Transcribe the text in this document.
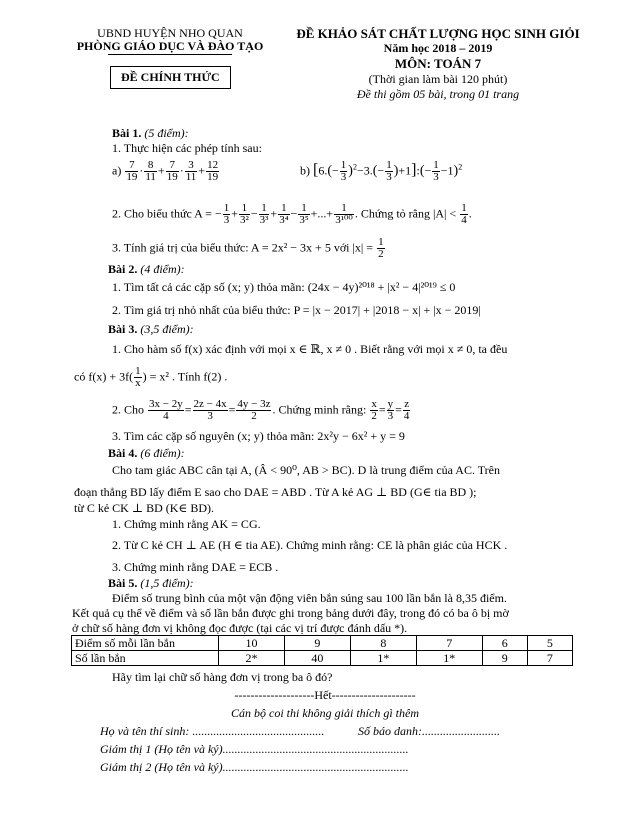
UBND HUYỆN NHO QUAN
PHÒNG GIÁO DỤC VÀ ĐÀO TẠO
ĐỀ CHÍNH THỨC
ĐỀ KHẢO SÁT CHẤT LƯỢNG HỌC SINH GIỎI
Năm học 2018 – 2019
MÔN: TOÁN 7
(Thời gian làm bài 120 phút)
Đề thi gồm 05 bài, trong 01 trang
Bài 1. (5 điểm):
1. Thực hiện các phép tính sau:
$a) \frac{7}{19} \cdot \frac{8}{11} + \frac{7}{19} \cdot \frac{3}{11} + \frac{12}{19}$	b) [$6.(- \frac{1}{3} )^2-3.(- \frac{1}{3}$ )+1]:(− $\frac{1}{3} -1)^2$
2. Cho biểu thức A = − $\frac{1}{3} + \frac{1}{\text{3²}} - \frac{1}{\text{3³}} + \frac{1}{\text{3⁴}} - \frac{1}{\text{3⁵}}$ +...+ $\frac{1}{\text{3¹⁰⁰}}$ . Chứng tỏ rằng $|A| < \frac{1}{4}$ .
3. Tính giá trị của biểu thức: A = 2x² − 3x + 5 với $|x| = \frac{1}{2}$
Bài 2. (4 điểm):
1. Tìm tất cả các cặp số (x; y) thỏa mãn: (24x − 4y)²⁰¹⁸ + |x² − 4|²⁰¹⁹ ≤ 0
2. Tìm giá trị nhỏ nhất của biểu thức: P = |x − 2017| + |2018 − x| + |x − 2019|
Bài 3. (3,5 điểm):
1. Cho hàm số f(x) xác định với mọi x ∈ ℝ, x ≠ 0 . Biết rằng với mọi x ≠ 0, ta đều
có $f(x) + 3f( \frac{1}{x}$ ) = x² . Tính f(2) .
2. Cho $\frac{3x - 2y}{4} = \frac{2z - 4x}{3} = \frac{4y - 3z}{2}$ . Chứng minh rằng: $\frac{x}{2} = \frac{y}{3} = \frac{z}{4}$
3. Tìm các cặp số nguyên (x; y) thỏa mãn: 2x²y − 6x² + y = 9
Bài 4. (6 điểm):
Cho tam giác ABC cân tại A, (Â < 90⁰, AB > BC). D là trung điểm của AC. Trên
đoạn thẳng BD lấy điểm E sao cho DAE = ABD . Từ A kẻ AG ⊥ BD (G∈ tia BD );
từ C kẻ CK ⊥ BD (K∈ BD).
1. Chứng minh rằng AK = CG.
2. Từ C kẻ CH ⊥ AE (H ∈ tia AE). Chứng minh rằng: CE là phân giác của HCK .
3. Chứng minh rằng DAE = ECB .
Bài 5. (1,5 điểm):
Điểm số trung bình của một vận động viên bắn súng sau 100 lần bắn là 8,35 điểm.
Kết quả cụ thể về điểm và số lần bắn được ghi trong bảng dưới đây, trong đó có ba ô bị mờ
ở chữ số hàng đơn vị không đọc được (tại các vị trí được đánh dấu *).
Điểm số mỗi lần bắn	10	9	8	7	6	5
Số lần bắn	2*	40	1*	1*	9	7
Hãy tìm lại chữ số hàng đơn vị trong ba ô đó?
--------------------Hết---------------------
Cán bộ coi thi không giải thích gì thêm
Họ và tên thí sinh: ............................................	Số báo danh:..........................
Giám thị 1 (Họ tên và ký)..............................................................
Giám thị 2 (Họ tên và ký)..............................................................
